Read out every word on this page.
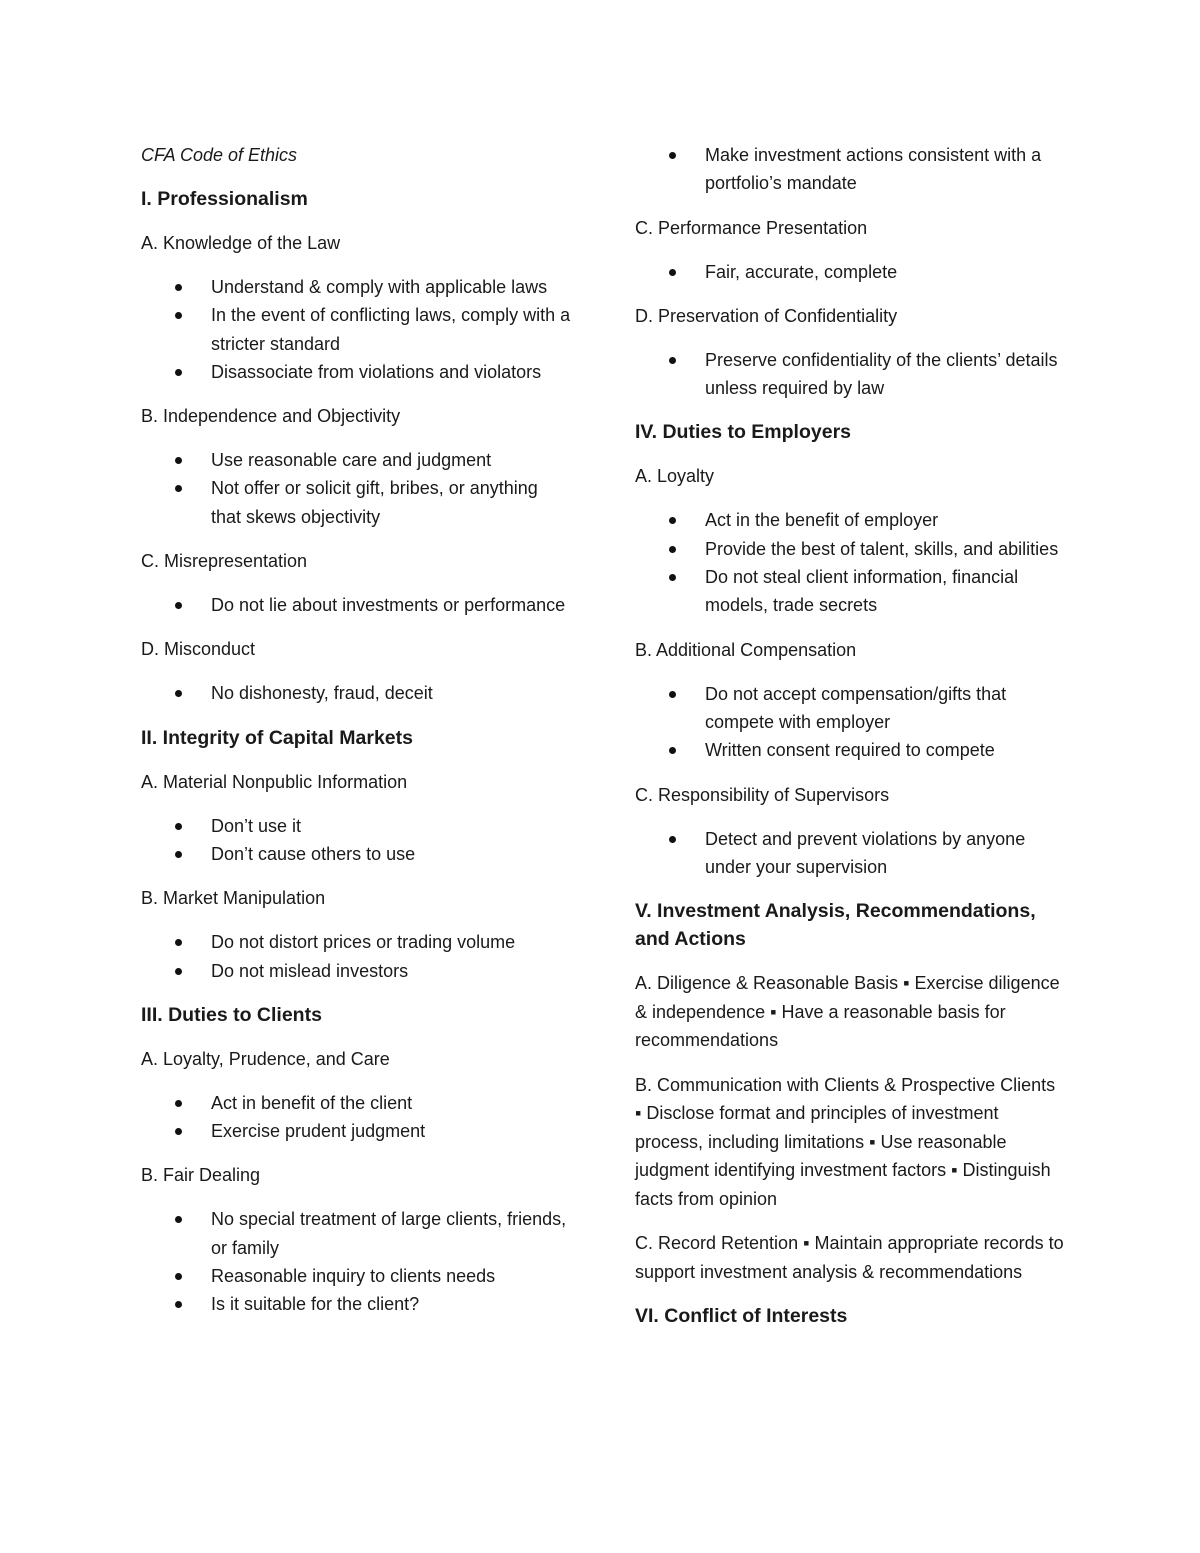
CFA Code of Ethics
I. Professionalism
A. Knowledge of the Law
Understand & comply with applicable laws
In the event of conflicting laws, comply with a stricter standard
Disassociate from violations and violators
B. Independence and Objectivity
Use reasonable care and judgment
Not offer or solicit gift, bribes, or anything that skews objectivity
C. Misrepresentation
Do not lie about investments or performance
D. Misconduct
No dishonesty, fraud, deceit
II. Integrity of Capital Markets
A. Material Nonpublic Information
Don’t use it
Don’t cause others to use
B. Market Manipulation
Do not distort prices or trading volume
Do not mislead investors
III. Duties to Clients
A. Loyalty, Prudence, and Care
Act in benefit of the client
Exercise prudent judgment
B. Fair Dealing
No special treatment of large clients, friends, or family
Reasonable inquiry to clients needs
Is it suitable for the client?
Make investment actions consistent with a portfolio’s mandate
C. Performance Presentation
Fair, accurate, complete
D. Preservation of Confidentiality
Preserve confidentiality of the clients’ details unless required by law
IV. Duties to Employers
A. Loyalty
Act in the benefit of employer
Provide the best of talent, skills, and abilities
Do not steal client information, financial models, trade secrets
B. Additional Compensation
Do not accept compensation/gifts that compete with employer
Written consent required to compete
C. Responsibility of Supervisors
Detect and prevent violations by anyone under your supervision
V. Investment Analysis, Recommendations, and Actions
A. Diligence & Reasonable Basis ▪ Exercise diligence & independence ▪ Have a reasonable basis for recommendations
B. Communication with Clients & Prospective Clients ▪ Disclose format and principles of investment process, including limitations ▪ Use reasonable judgment identifying investment factors ▪ Distinguish facts from opinion
C. Record Retention ▪ Maintain appropriate records to support investment analysis & recommendations
VI. Conflict of Interests
